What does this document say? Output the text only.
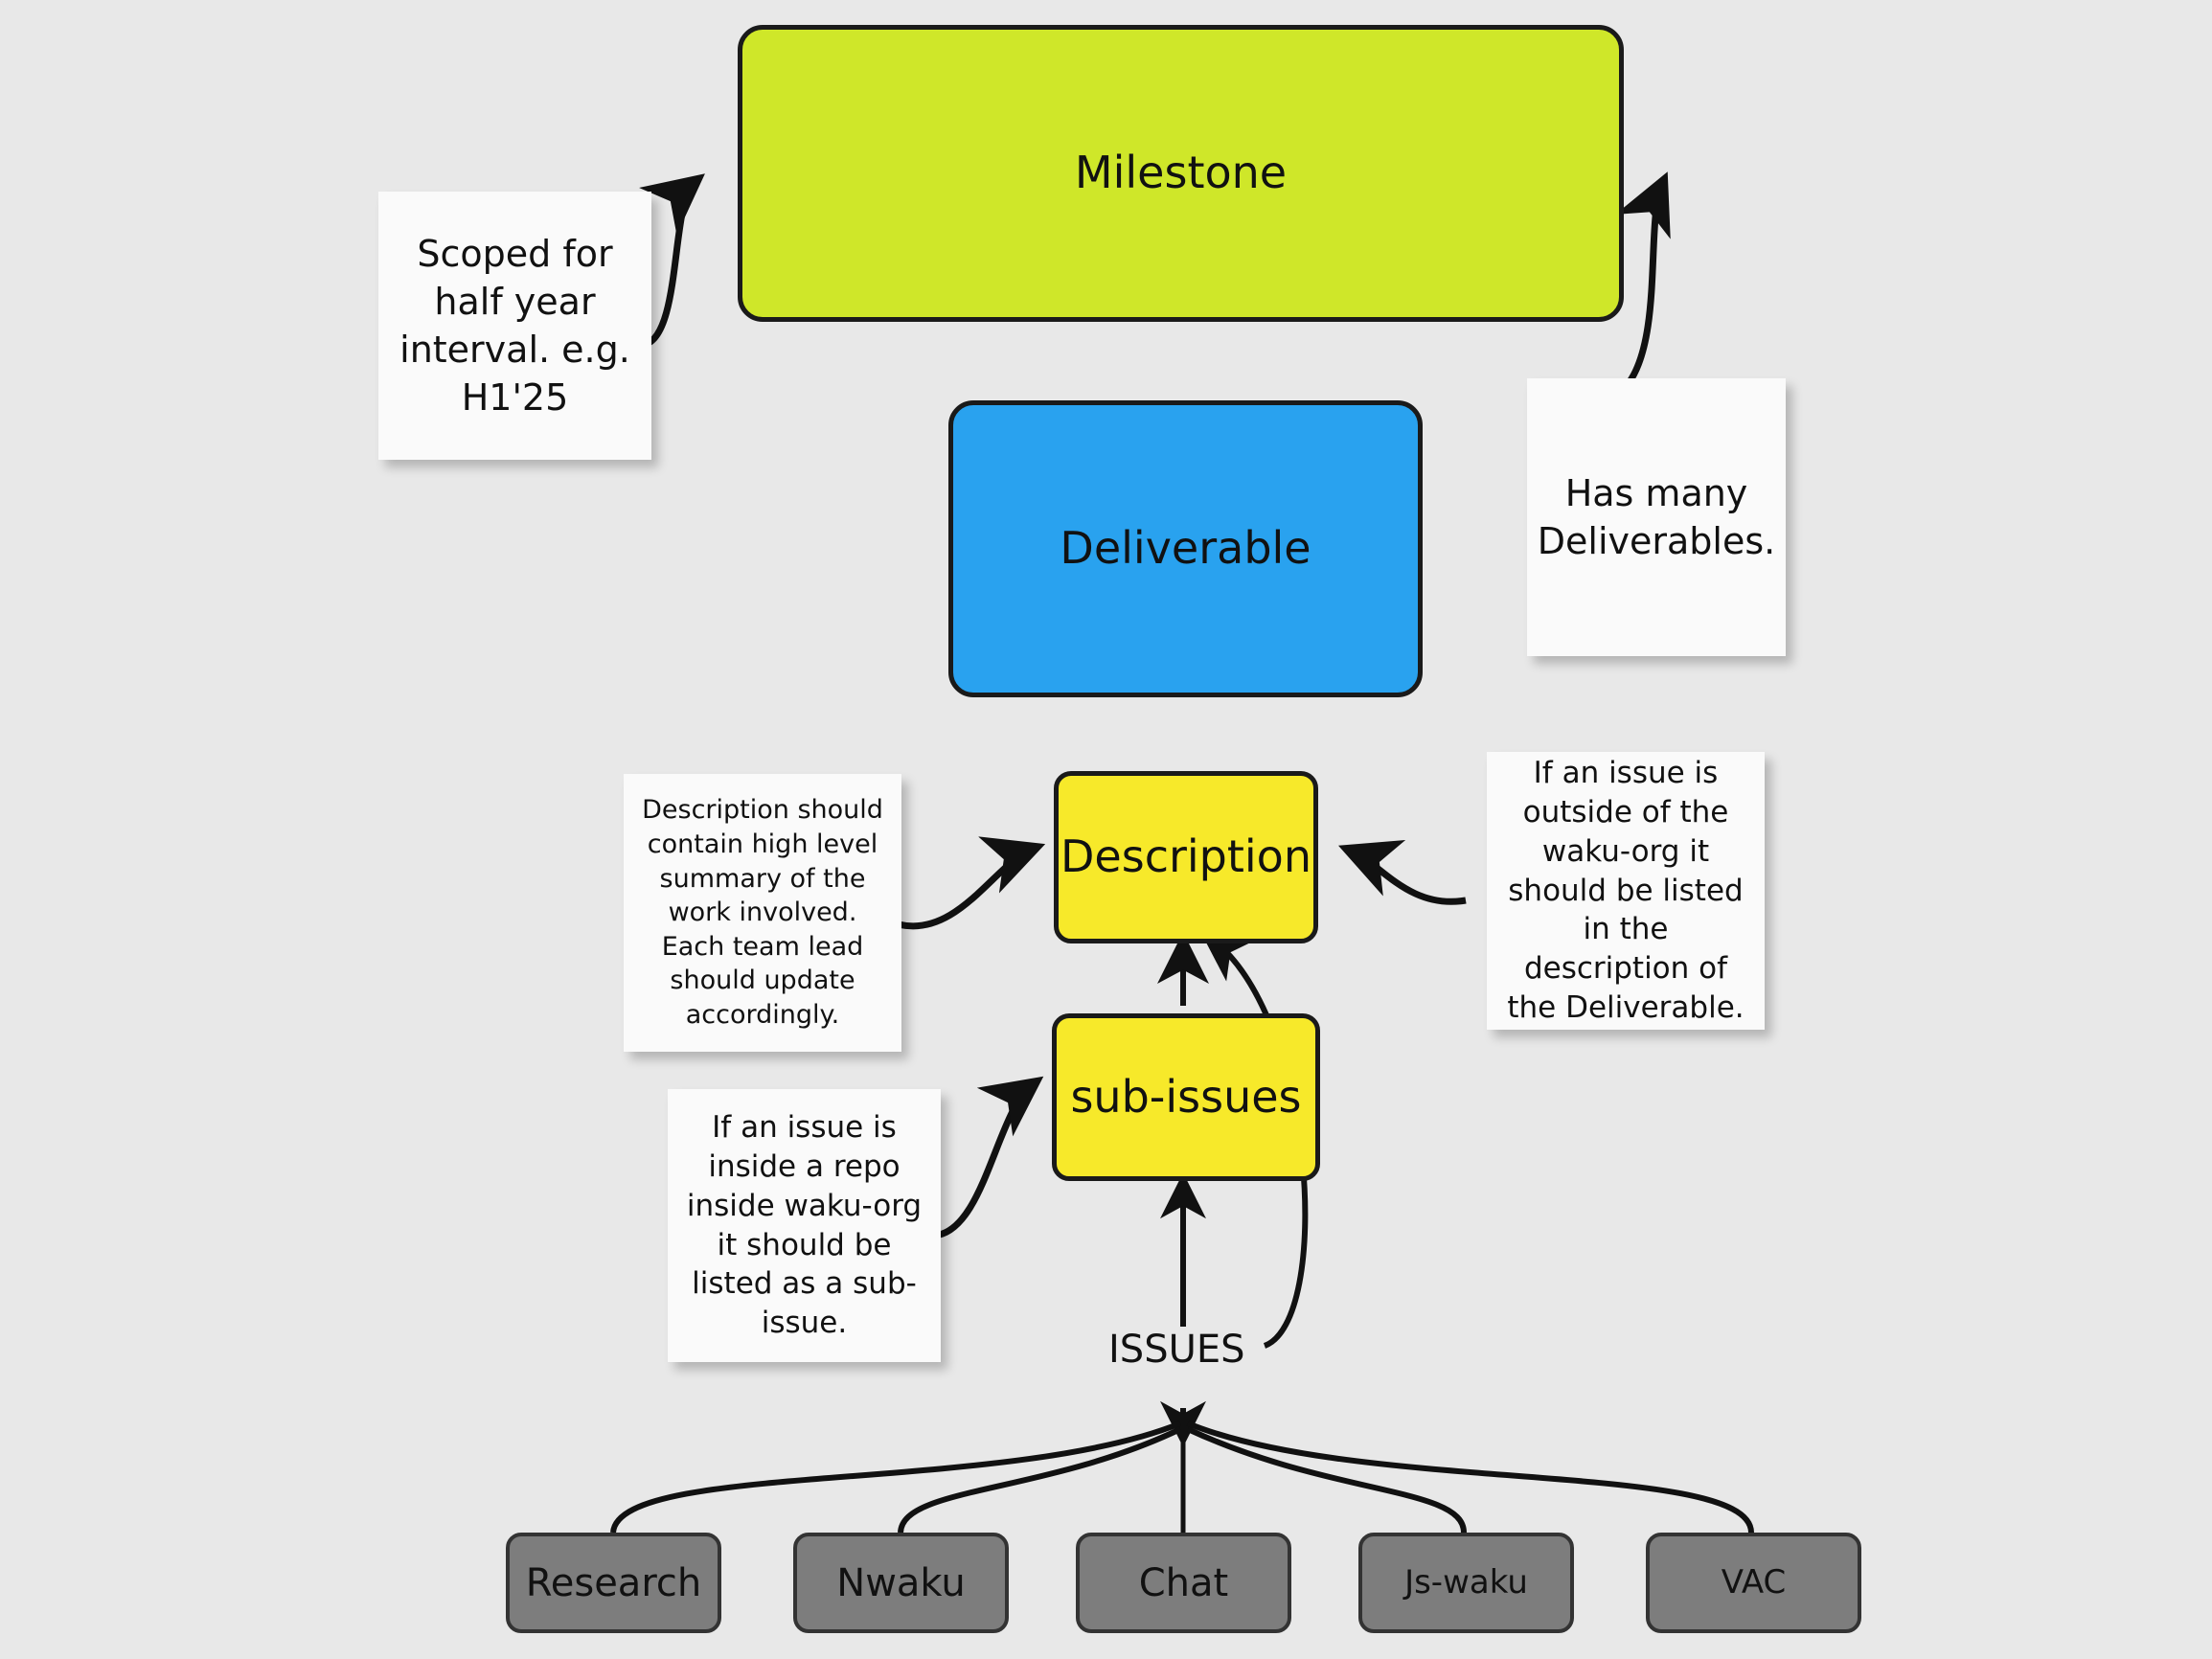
Milestone
Deliverable
Description
sub-issues
ISSUES
Research	Nwaku	Chat	Js-waku	VAC
Scoped for half year interval. e.g. H1'25
Has many Deliverables.
Description should contain high level summary of the work involved. Each team lead should update accordingly.
If an issue is outside of the waku-org it should be listed in the description of the Deliverable.
If an issue is inside a repo inside waku-org it should be listed as a sub-issue.
